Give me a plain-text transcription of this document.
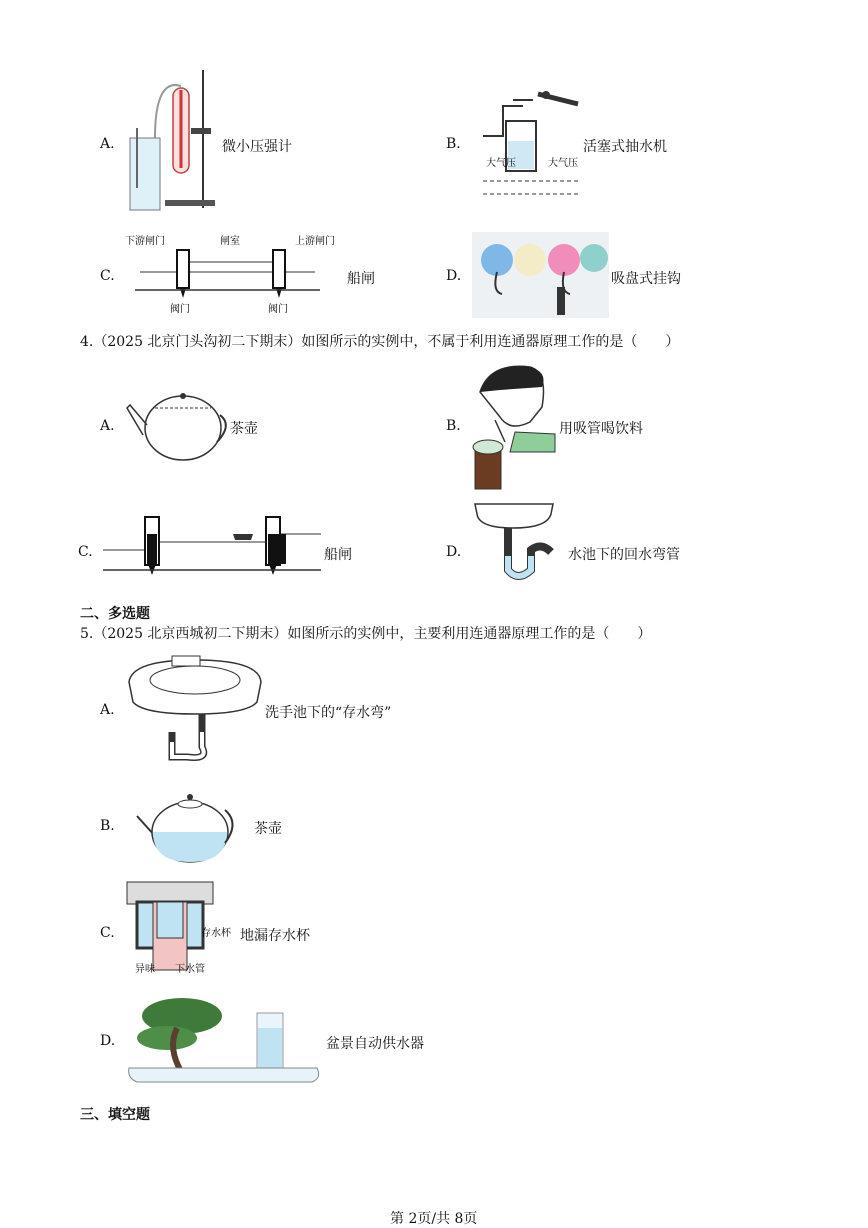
A.	微小压强计	B.
大气压	大气压
活塞式抽水机
C.
下游闸门	闸室	上游闸门
阀门	阀门
船闸	D.	吸盘式挂钩
4.（2025 北京门头沟初二下期末）如图所示的实例中，不属于利用连通器原理工作的是（　　）
A.	茶壶	B.	用吸管喝饮料
C.	船闸	D.	水池下的回水弯管
二、多选题
5.（2025 北京西城初二下期末）如图所示的实例中，主要利用连通器原理工作的是（　　）
A.	洗手池下的“存水弯”
B.	茶壶
C.	存水杯
异味 下水管
地漏存水杯
D.	盆景自动供水器
三、填空题
第 2页/共 8页
